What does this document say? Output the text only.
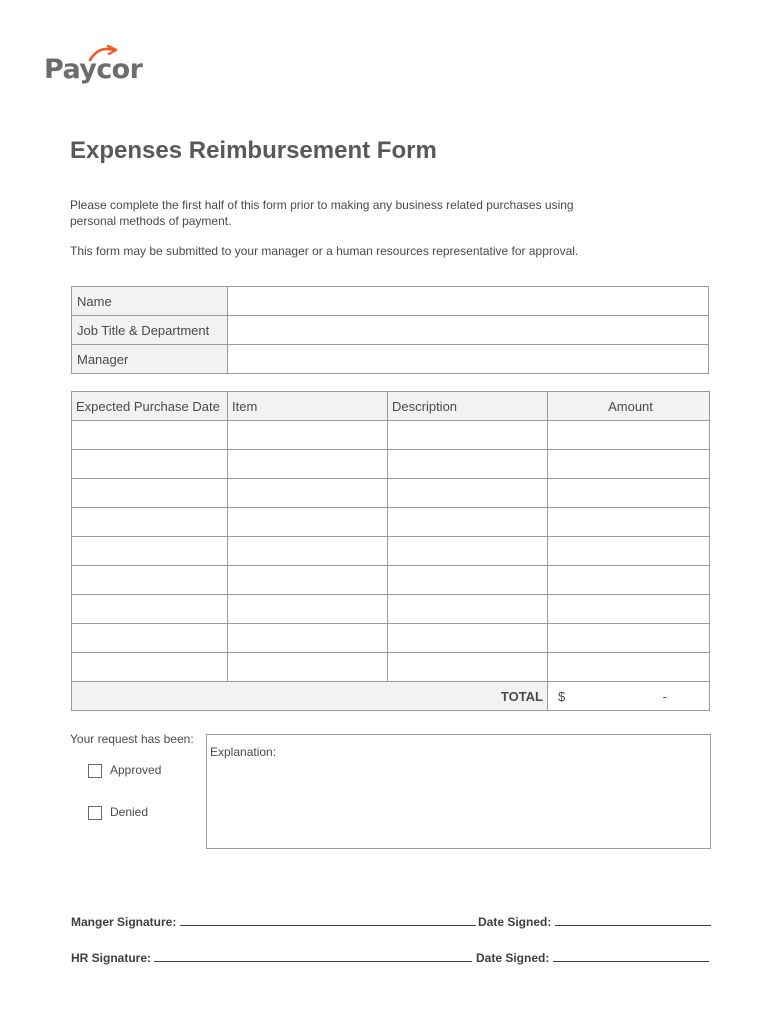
Paycor
Expenses Reimbursement Form
Please complete the first half of this form prior to making any business related purchases using personal methods of payment.
This form may be submitted to your manager or a human resources representative for approval.
Name	
Job Title & Department	
Manager	
Expected Purchase Date	Item	Description	Amount

TOTAL			$ -
Your request has been:
Approved
Denied
Explanation:
Manger Signature:	Date Signed:
HR Signature:	Date Signed:
